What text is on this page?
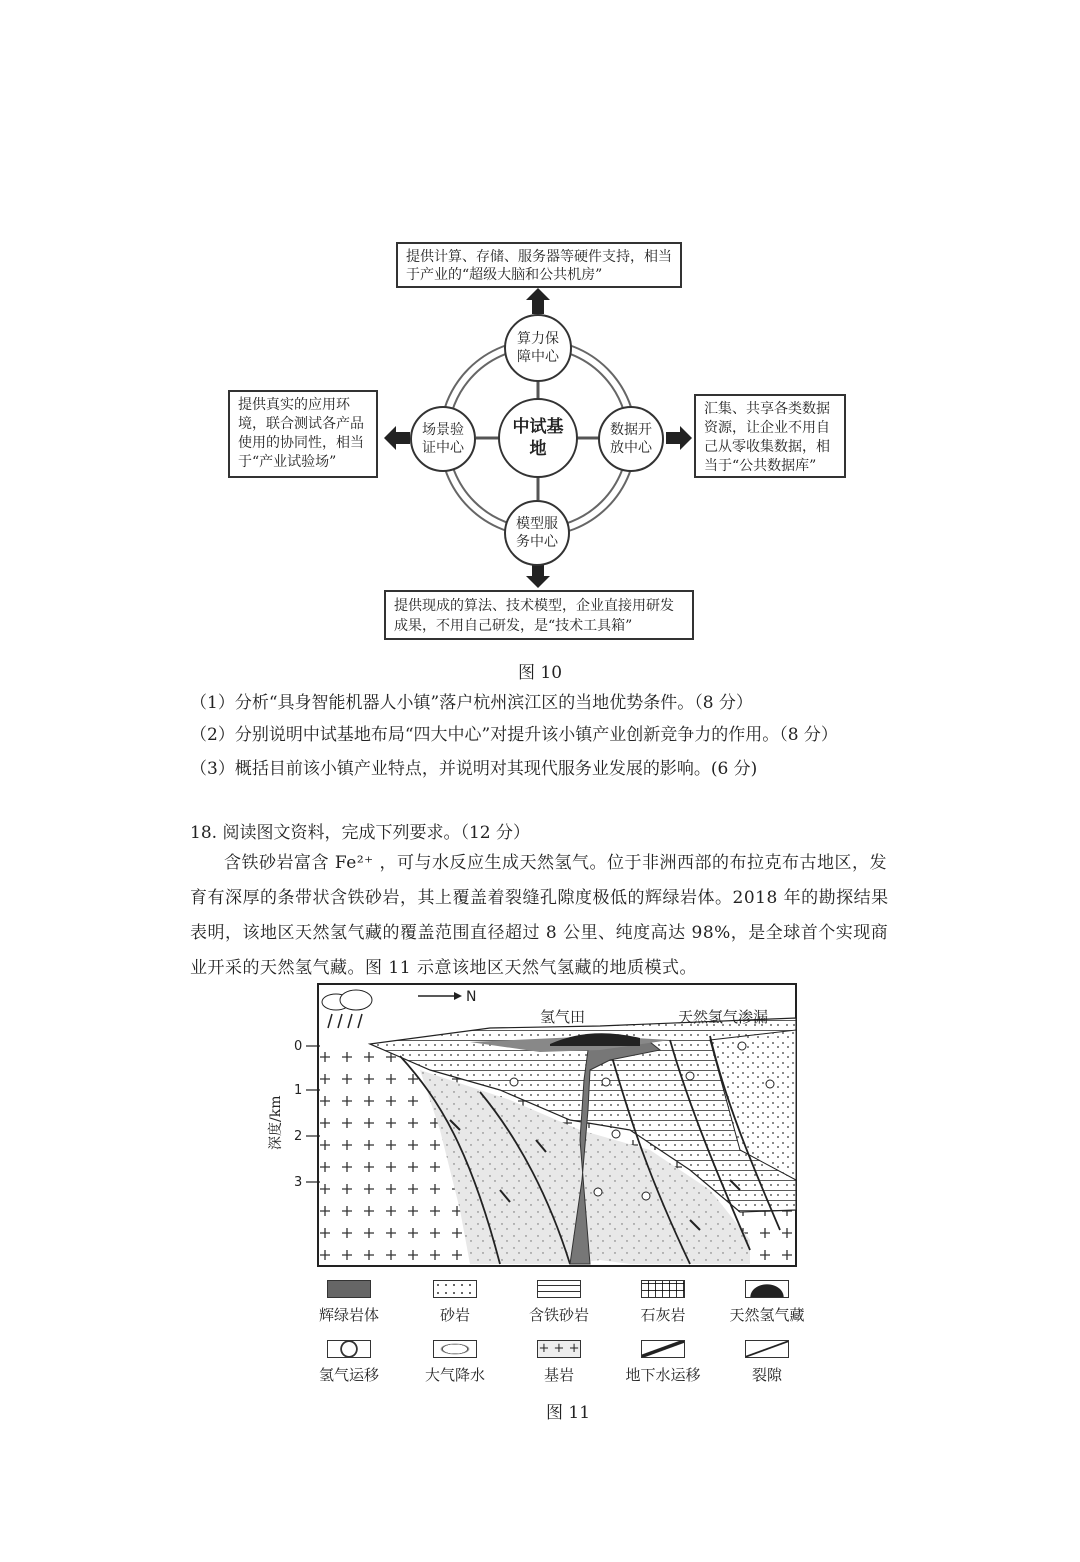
提供计算、存储、服务器等硬件支持，相当于产业的“超级大脑和公共机房”
算力保障中心
中试基地
场景验证中心
数据开放中心
模型服务中心
提供真实的应用环境，联合测试各产品使用的协同性，相当于“产业试验场”
汇集、共享各类数据资源，让企业不用自己从零收集数据，相当于“公共数据库”
提供现成的算法、技术模型，企业直接用研发成果，不用自己研发，是“技术工具箱”
图 10
（1）分析“具身智能机器人小镇”落户杭州滨江区的当地优势条件。（8 分）
（2）分别说明中试基地布局“四大中心”对提升该小镇产业创新竞争力的作用。（8 分）
（3）概括目前该小镇产业特点，并说明对其现代服务业发展的影响。(6 分)
18. 阅读图文资料，完成下列要求。（12 分）
含铁砂岩富含 Fe²⁺ ，可与水反应生成天然氢气。位于非洲西部的布拉克布古地区，发育有深厚的条带状含铁砂岩，其上覆盖着裂缝孔隙度极低的辉绿岩体。2018 年的勘探结果表明，该地区天然氢气藏的覆盖范围直径超过 8 公里、纯度高达 98%，是全球首个实现商业开采的天然氢气藏。图 11 示意该地区天然气氢藏的地质模式。
N
氢气田	天然氢气渗漏
0
1
2
3
深度/km
辉绿岩体	砂岩	含铁砂岩	石灰岩	天然氢气藏
氢气运移	大气降水
+ + +
基岩	地下水运移	裂隙
图 11
